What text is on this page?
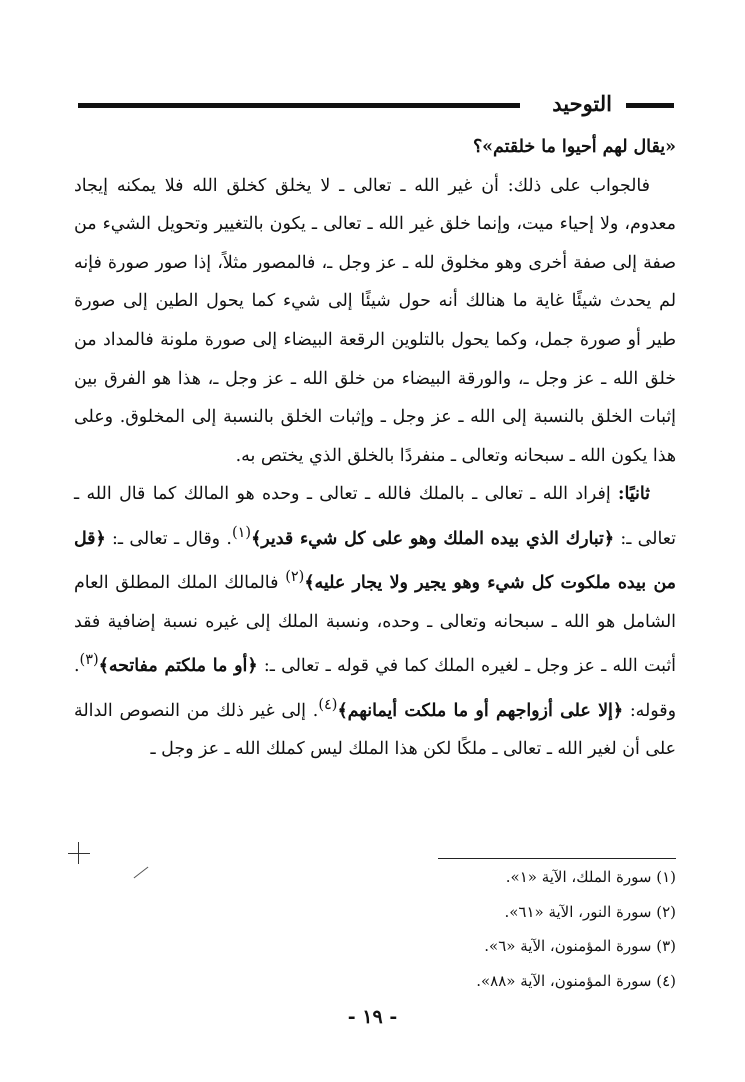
التوحيد

«يقال لهم أحيوا ما خلقتم»؟

فالجواب على ذلك: أن غير الله ـ تعالى ـ لا يخلق كخلق الله فلا يمكنه إيجاد معدوم، ولا إحياء ميت، وإنما خلق غير الله ـ تعالى ـ يكون بالتغيير وتحويل الشيء من صفة إلى صفة أخرى وهو مخلوق لله ـ عز وجل ـ، فالمصور مثلاً، إذا صور صورة فإنه لم يحدث شيئًا غاية ما هنالك أنه حول شيئًا إلى شيء كما يحول الطين إلى صورة طير أو صورة جمل، وكما يحول بالتلوين الرقعة البيضاء إلى صورة ملونة فالمداد من خلق الله ـ عز وجل ـ، والورقة البيضاء من خلق الله ـ عز وجل ـ، هذا هو الفرق بين إثبات الخلق بالنسبة إلى الله ـ عز وجل ـ وإثبات الخلق بالنسبة إلى المخلوق. وعلى هذا يكون الله ـ سبحانه وتعالى ـ منفردًا بالخلق الذي يختص به.

ثانيًا: إفراد الله ـ تعالى ـ بالملك فالله ـ تعالى ـ وحده هو المالك كما قال الله ـ تعالى ـ: ﴿تبارك الذي بيده الملك وهو على كل شيء قدير﴾$^{(١)}$. وقال ـ تعالى ـ: ﴿قل من بيده ملكوت كل شيء وهو يجير ولا يجار عليه﴾$^{(٢)}$ فالمالك الملك المطلق العام الشامل هو الله ـ سبحانه وتعالى ـ وحده، ونسبة الملك إلى غيره نسبة إضافية فقد أثبت الله ـ عز وجل ـ لغيره الملك كما في قوله ـ تعالى ـ: ﴿أو ما ملكتم مفاتحه﴾$^{(٣)}$. وقوله: ﴿إلا على أزواجهم أو ما ملكت أيمانهم﴾$^{(٤)}$. إلى غير ذلك من النصوص الدالة على أن لغير الله ـ تعالى ـ ملكًا لكن هذا الملك ليس كملك الله ـ عز وجل ـ

(١) سورة الملك، الآية «١».
(٢) سورة النور، الآية «٦١».
(٣) سورة المؤمنون، الآية «٦».
(٤) سورة المؤمنون، الآية «٨٨».
- ١٩ -
